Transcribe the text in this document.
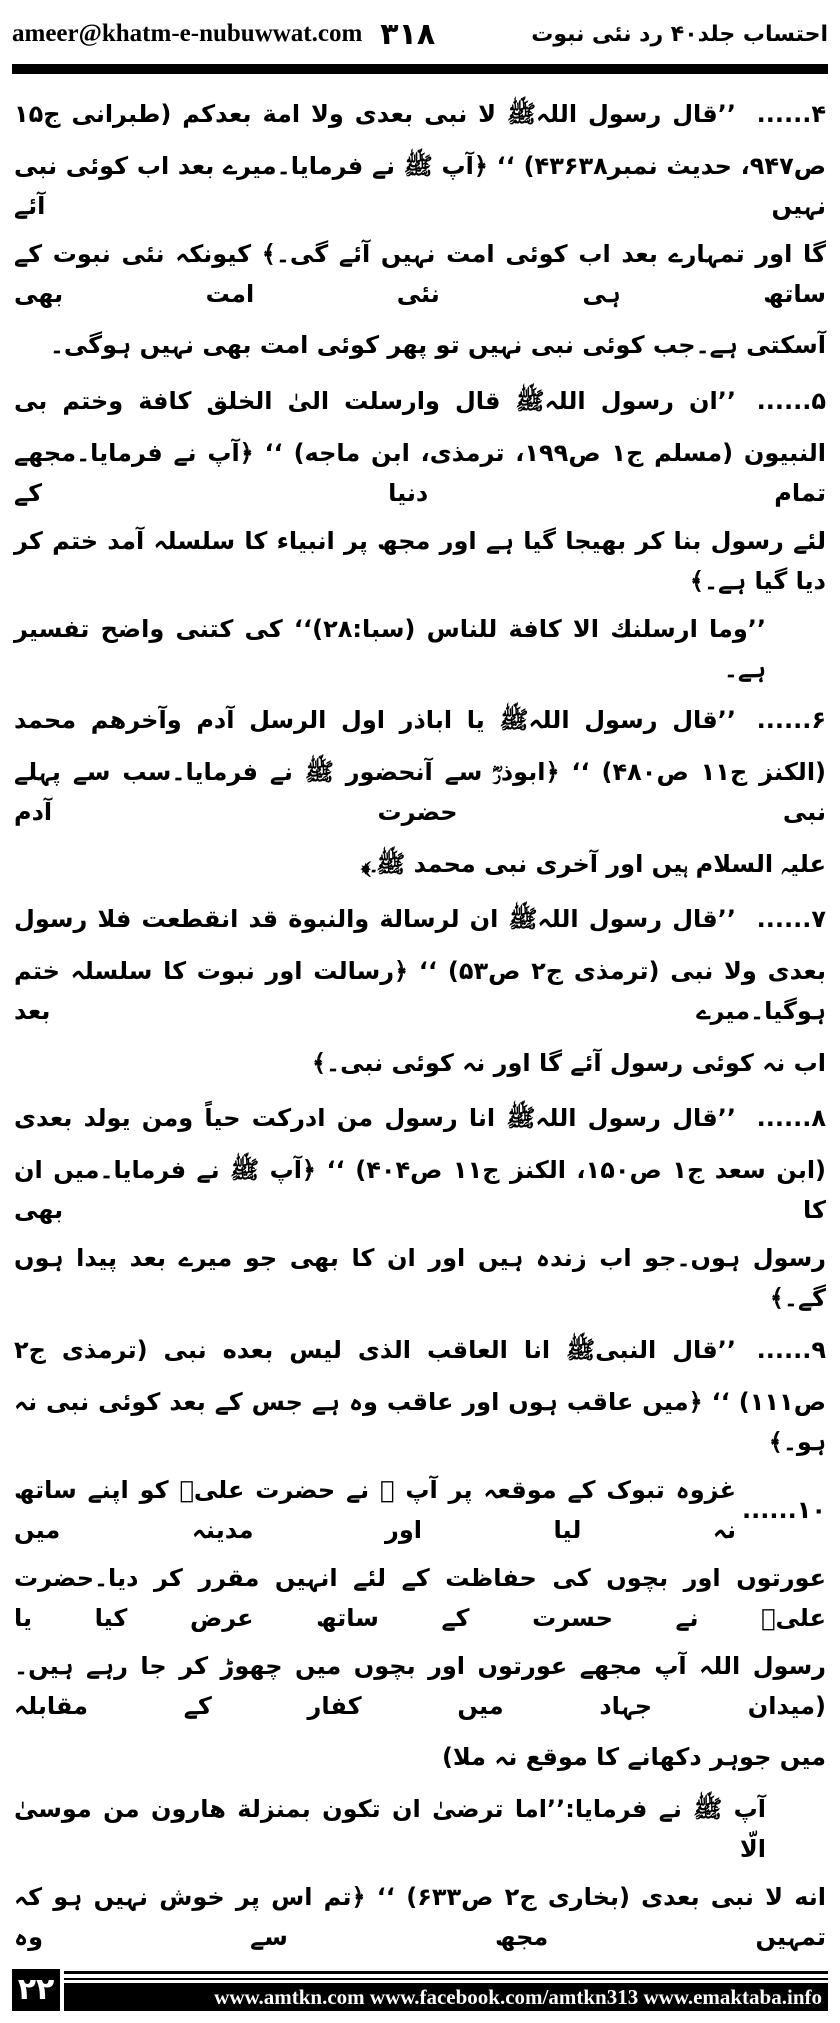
ameer@khatm-e-nubuwwat.com ۳۱۸	احتساب جلد۴۰ رد نئی نبوت
۴......
’’قال رسول اللہﷺ لا نبی بعدی ولا امة بعدکم (طبرانی ج۱۵
ص۹۴۷، حدیث نمبر۴۳۶۳۸) ‘‘ ﴿آپ ﷺ نے فرمایا۔میرے بعد اب کوئی نبی نہیں آئے
گا اور تمہارے بعد اب کوئی امت نہیں آئے گی۔﴾ کیونکہ نئی نبوت کے ساتھ ہی نئی امت بھی
آسکتی ہے۔جب کوئی نبی نہیں تو پھر کوئی امت بھی نہیں ہوگی۔
۵......
’’ان رسول اللہﷺ قال وارسلت الیٰ الخلق کافة وختم بی
النبیون (مسلم ج۱ ص۱۹۹، ترمذی، ابن ماجه) ‘‘ ﴿آپ نے فرمایا۔مجھے تمام دنیا کے
لئے رسول بنا کر بھیجا گیا ہے اور مجھ پر انبیاء کا سلسلہ آمد ختم کر دیا گیا ہے۔﴾
’’وما ارسلنك الا كافة للناس (سبا:۲۸)‘‘ کی کتنی واضح تفسیر ہے۔
۶......
’’قال رسول اللہﷺ یا اباذر اول الرسل آدم وآخرهم محمد
(الکنز ج۱۱ ص۴۸۰) ‘‘ ﴿ابوذرؓ سے آنحضور ﷺ نے فرمایا۔سب سے پہلے نبی حضرت آدم
علیہ السلام ہیں اور آخری نبی محمد ﷺ۔﴾
۷......
’’قال رسول اللہﷺ ان لرسالة والنبوة قد انقطعت فلا رسول
بعدی ولا نبی (ترمذی ج۲ ص۵۳) ‘‘ ﴿رسالت اور نبوت کا سلسلہ ختم ہوگیا۔میرے بعد
اب نہ کوئی رسول آئے گا اور نہ کوئی نبی۔﴾
۸......
’’قال رسول اللہﷺ انا رسول من ادرکت حیاً ومن یولد بعدی
(ابن سعد ج۱ ص۱۵۰، الکنز ج۱۱ ص۴۰۴) ‘‘ ﴿آپ ﷺ نے فرمایا۔میں ان کا بھی
رسول ہوں۔جو اب زندہ ہیں اور ان کا بھی جو میرے بعد پیدا ہوں گے۔﴾
۹......
’’قال النبیﷺ انا العاقب الذی لیس بعده نبی (ترمذی ج۲
ص۱۱۱) ‘‘ ﴿میں عاقب ہوں اور عاقب وہ ہے جس کے بعد کوئی نبی نہ ہو۔﴾
۱۰......
غزوہ تبوک کے موقعہ پر آپ ﷺ نے حضرت علیؓ کو اپنے ساتھ نہ لیا اور مدینہ میں
عورتوں اور بچوں کی حفاظت کے لئے انہیں مقرر کر دیا۔حضرت علیؓ نے حسرت کے ساتھ عرض کیا یا
رسول اللہ آپ مجھے عورتوں اور بچوں میں چھوڑ کر جا رہے ہیں۔(میدان جہاد میں کفار کے مقابلہ
میں جوہر دکھانے کا موقع نہ ملا)
آپ ﷺ نے فرمایا:’’اما ترضیٰ ان تکون بمنزلة هارون من موسیٰ الّا
انه لا نبی بعدی (بخاری ج۲ ص۶۳۳) ‘‘ ﴿تم اس پر خوش نہیں ہو کہ تمہیں مجھ سے وہ
۲۲	www.amtkn.com www.facebook.com/amtkn313 www.emaktaba.info
